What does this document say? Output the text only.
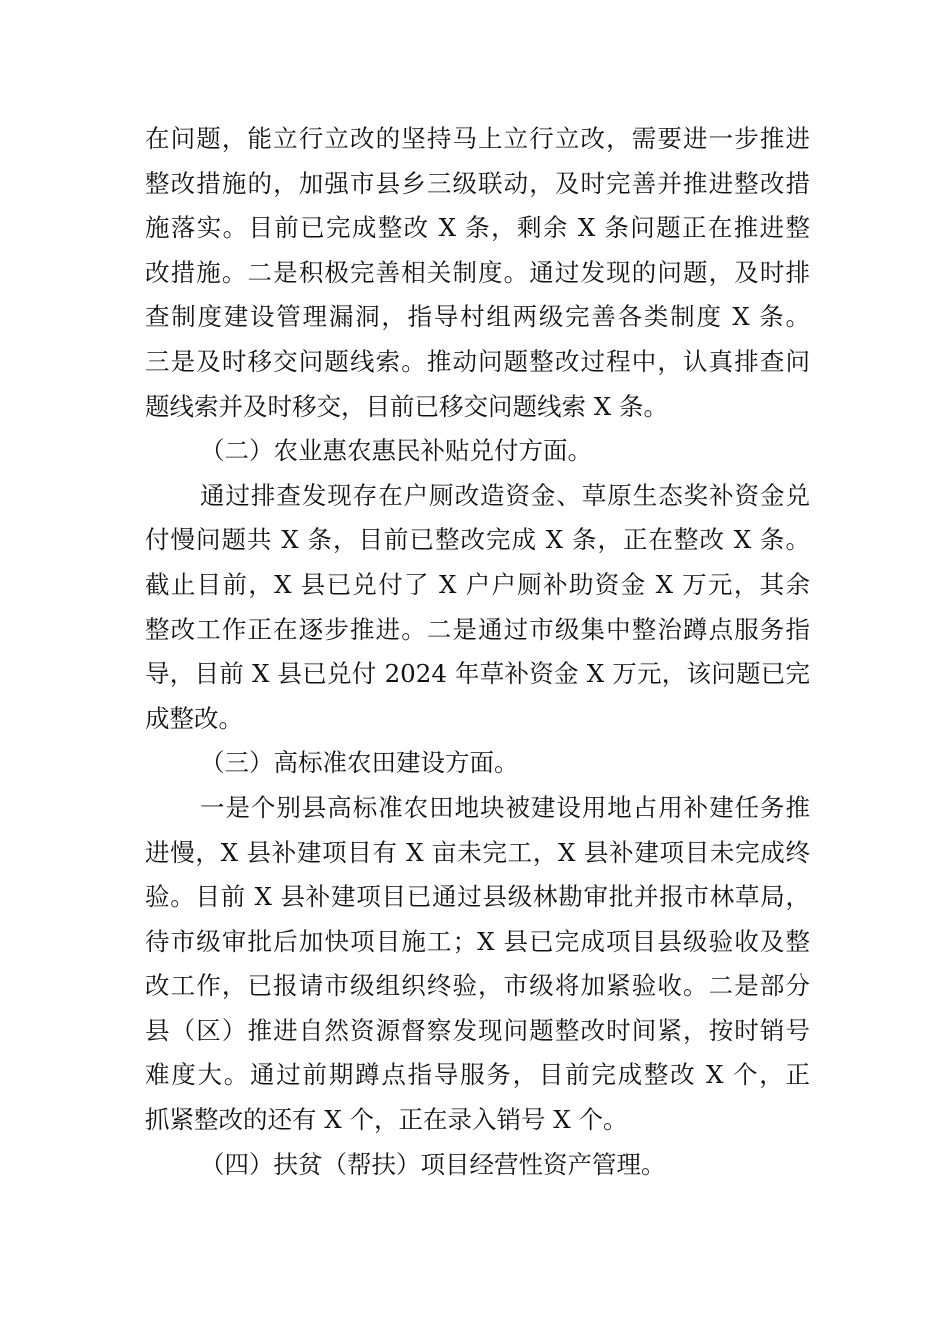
在问题，能立行立改的坚持马上立行立改，需要进一步推进
整改措施的，加强市县乡三级联动，及时完善并推进整改措
施落实。目前已完成整改 X 条，剩余 X 条问题正在推进整
改措施。二是积极完善相关制度。通过发现的问题，及时排
查制度建设管理漏洞，指导村组两级完善各类制度 X 条。
三是及时移交问题线索。推动问题整改过程中，认真排查问
题线索并及时移交，目前已移交问题线索 X 条。
（二）农业惠农惠民补贴兑付方面。
通过排查发现存在户厕改造资金、草原生态奖补资金兑
付慢问题共 X 条，目前已整改完成 X 条，正在整改 X 条。
截止目前，X 县已兑付了 X 户户厕补助资金 X 万元，其余
整改工作正在逐步推进。二是通过市级集中整治蹲点服务指
导，目前 X 县已兑付 2024 年草补资金 X 万元，该问题已完
成整改。
（三）高标准农田建设方面。
一是个别县高标准农田地块被建设用地占用补建任务推
进慢，X 县补建项目有 X 亩未完工，X 县补建项目未完成终
验。目前 X 县补建项目已通过县级林勘审批并报市林草局，
待市级审批后加快项目施工；X 县已完成项目县级验收及整
改工作，已报请市级组织终验，市级将加紧验收。二是部分
县（区）推进自然资源督察发现问题整改时间紧，按时销号
难度大。通过前期蹲点指导服务，目前完成整改 X 个，正
抓紧整改的还有 X 个，正在录入销号 X 个。
（四）扶贫（帮扶）项目经营性资产管理。
